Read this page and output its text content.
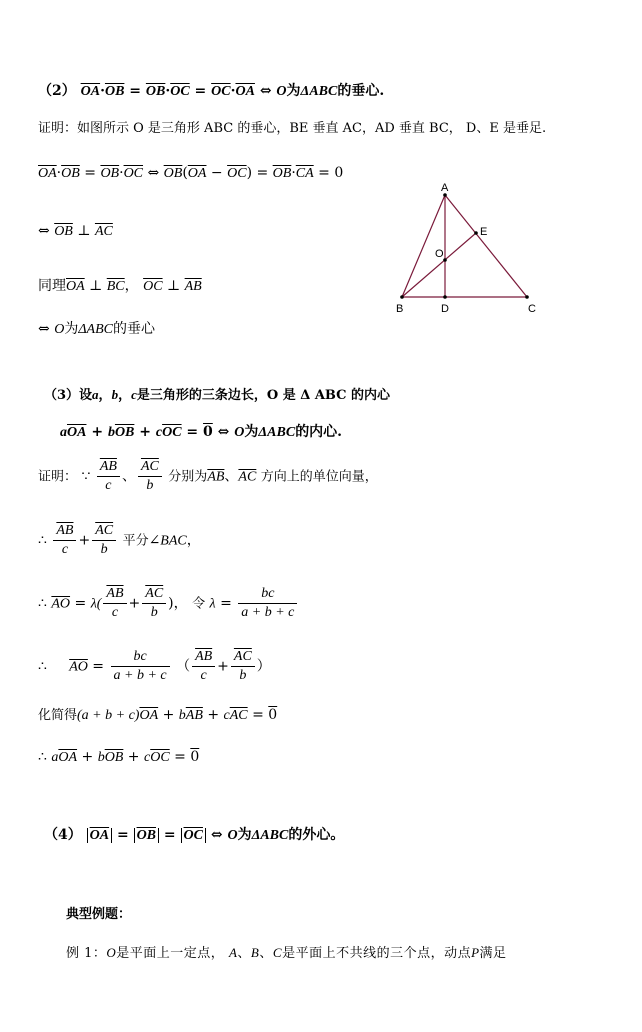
（2） $\overline{OA}\cdot\overline{OB} = \overline{OB}\cdot\overline{OC} = \overline{OC}\cdot\overline{OA}$ ⇔ O为ΔABC的垂心.
证明：如图所示 O 是三角形 ABC 的垂心，BE 垂直 AC，AD 垂直 BC， D、E 是垂足.
$\overline{OA}\cdot\overline{OB} = \overline{OB}\cdot\overline{OC}$ ⇔ $\overline{OB}(\overline{OA} - \overline{OC}) = \overline{OB}\cdot\overline{CA} = 0$
⇔ $\overline{OB}$ ⊥ $\overline{AC}$
同理$\overline{OA}$ ⊥ $\overline{BC}$， $\overline{OC}$ ⊥ $\overline{AB}$
⇔ O为ΔABC的垂心
A
B	C
D
E
O
（3）设a，b，c是三角形的三条边长，O 是 Δ ABC 的内心
$a\overline{OA} + b\overline{OB} + c\overline{OC} = 0$ ⇔ O为ΔABC的内心.
证明： ∵ $\frac{\overline{AB}}{c}$ 、 $\frac{\overline{AC}}{b}$ 分别为$\overline{AB}$、$\overline{AC}$ 方向上的单位向量，
∴ $\frac{\overline{AB}}{c} + \frac{\overline{AC}}{b}$ 平分∠BAC，
∴ $\overline{AO} = \lambda( \frac{\overline{AB}}{c} + \frac{\overline{AC}}{b}$ )， 令 $\lambda = \frac{bc}{a + b + c}$
∴ $\overline{AO} = \frac{bc}{a + b + c}$ （ $\frac{\overline{AB}}{c} + \frac{\overline{AC}}{b}$ ）
化简得$(a + b + c)\overline{OA} + b\overline{AB} + c\overline{AC} = 0$
∴ $a\overline{OA} + b\overline{OB} + c\overline{OC} = 0$
（4） $\overline{OA} = \overline{OB} = \overline{OC}$ ⇔ O为ΔABC的外心。
典型例题：
例 1：O是平面上一定点， A、B、C是平面上不共线的三个点，动点P满足
